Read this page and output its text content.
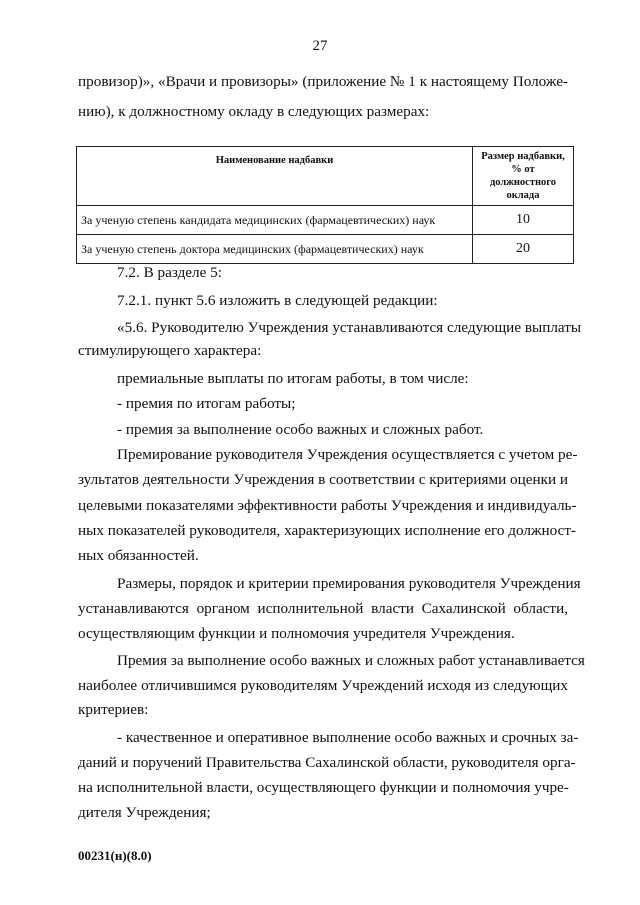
27
провизор)», «Врачи и провизоры» (приложение № 1 к настоящему Положе-
нию), к должностному окладу в следующих размерах:
Наименование надбавки	Размер надбавки, % от должностного оклада
За ученую степень кандидата медицинских (фармацевтических) наук	10
За ученую степень доктора медицинских (фармацевтических) наук	20
7.2. В разделе 5:
7.2.1. пункт 5.6 изложить в следующей редакции:
«5.6. Руководителю Учреждения устанавливаются следующие выплаты
стимулирующего характера:
премиальные выплаты по итогам работы, в том числе:
- премия по итогам работы;
- премия за выполнение особо важных и сложных работ.
Премирование руководителя Учреждения осуществляется с учетом ре-
зультатов деятельности Учреждения в соответствии с критериями оценки и
целевыми показателями эффективности работы Учреждения и индивидуаль-
ных показателей руководителя, характеризующих исполнение его должност-
ных обязанностей.
Размеры, порядок и критерии премирования руководителя Учреждения
устанавливаются органом исполнительной власти Сахалинской области,
осуществляющим функции и полномочия учредителя Учреждения.
Премия за выполнение особо важных и сложных работ устанавливается
наиболее отличившимся руководителям Учреждений исходя из следующих
критериев:
- качественное и оперативное выполнение особо важных и срочных за-
даний и поручений Правительства Сахалинской области, руководителя орга-
на исполнительной власти, осуществляющего функции и полномочия учре-
дителя Учреждения;
00231(н)(8.0)
